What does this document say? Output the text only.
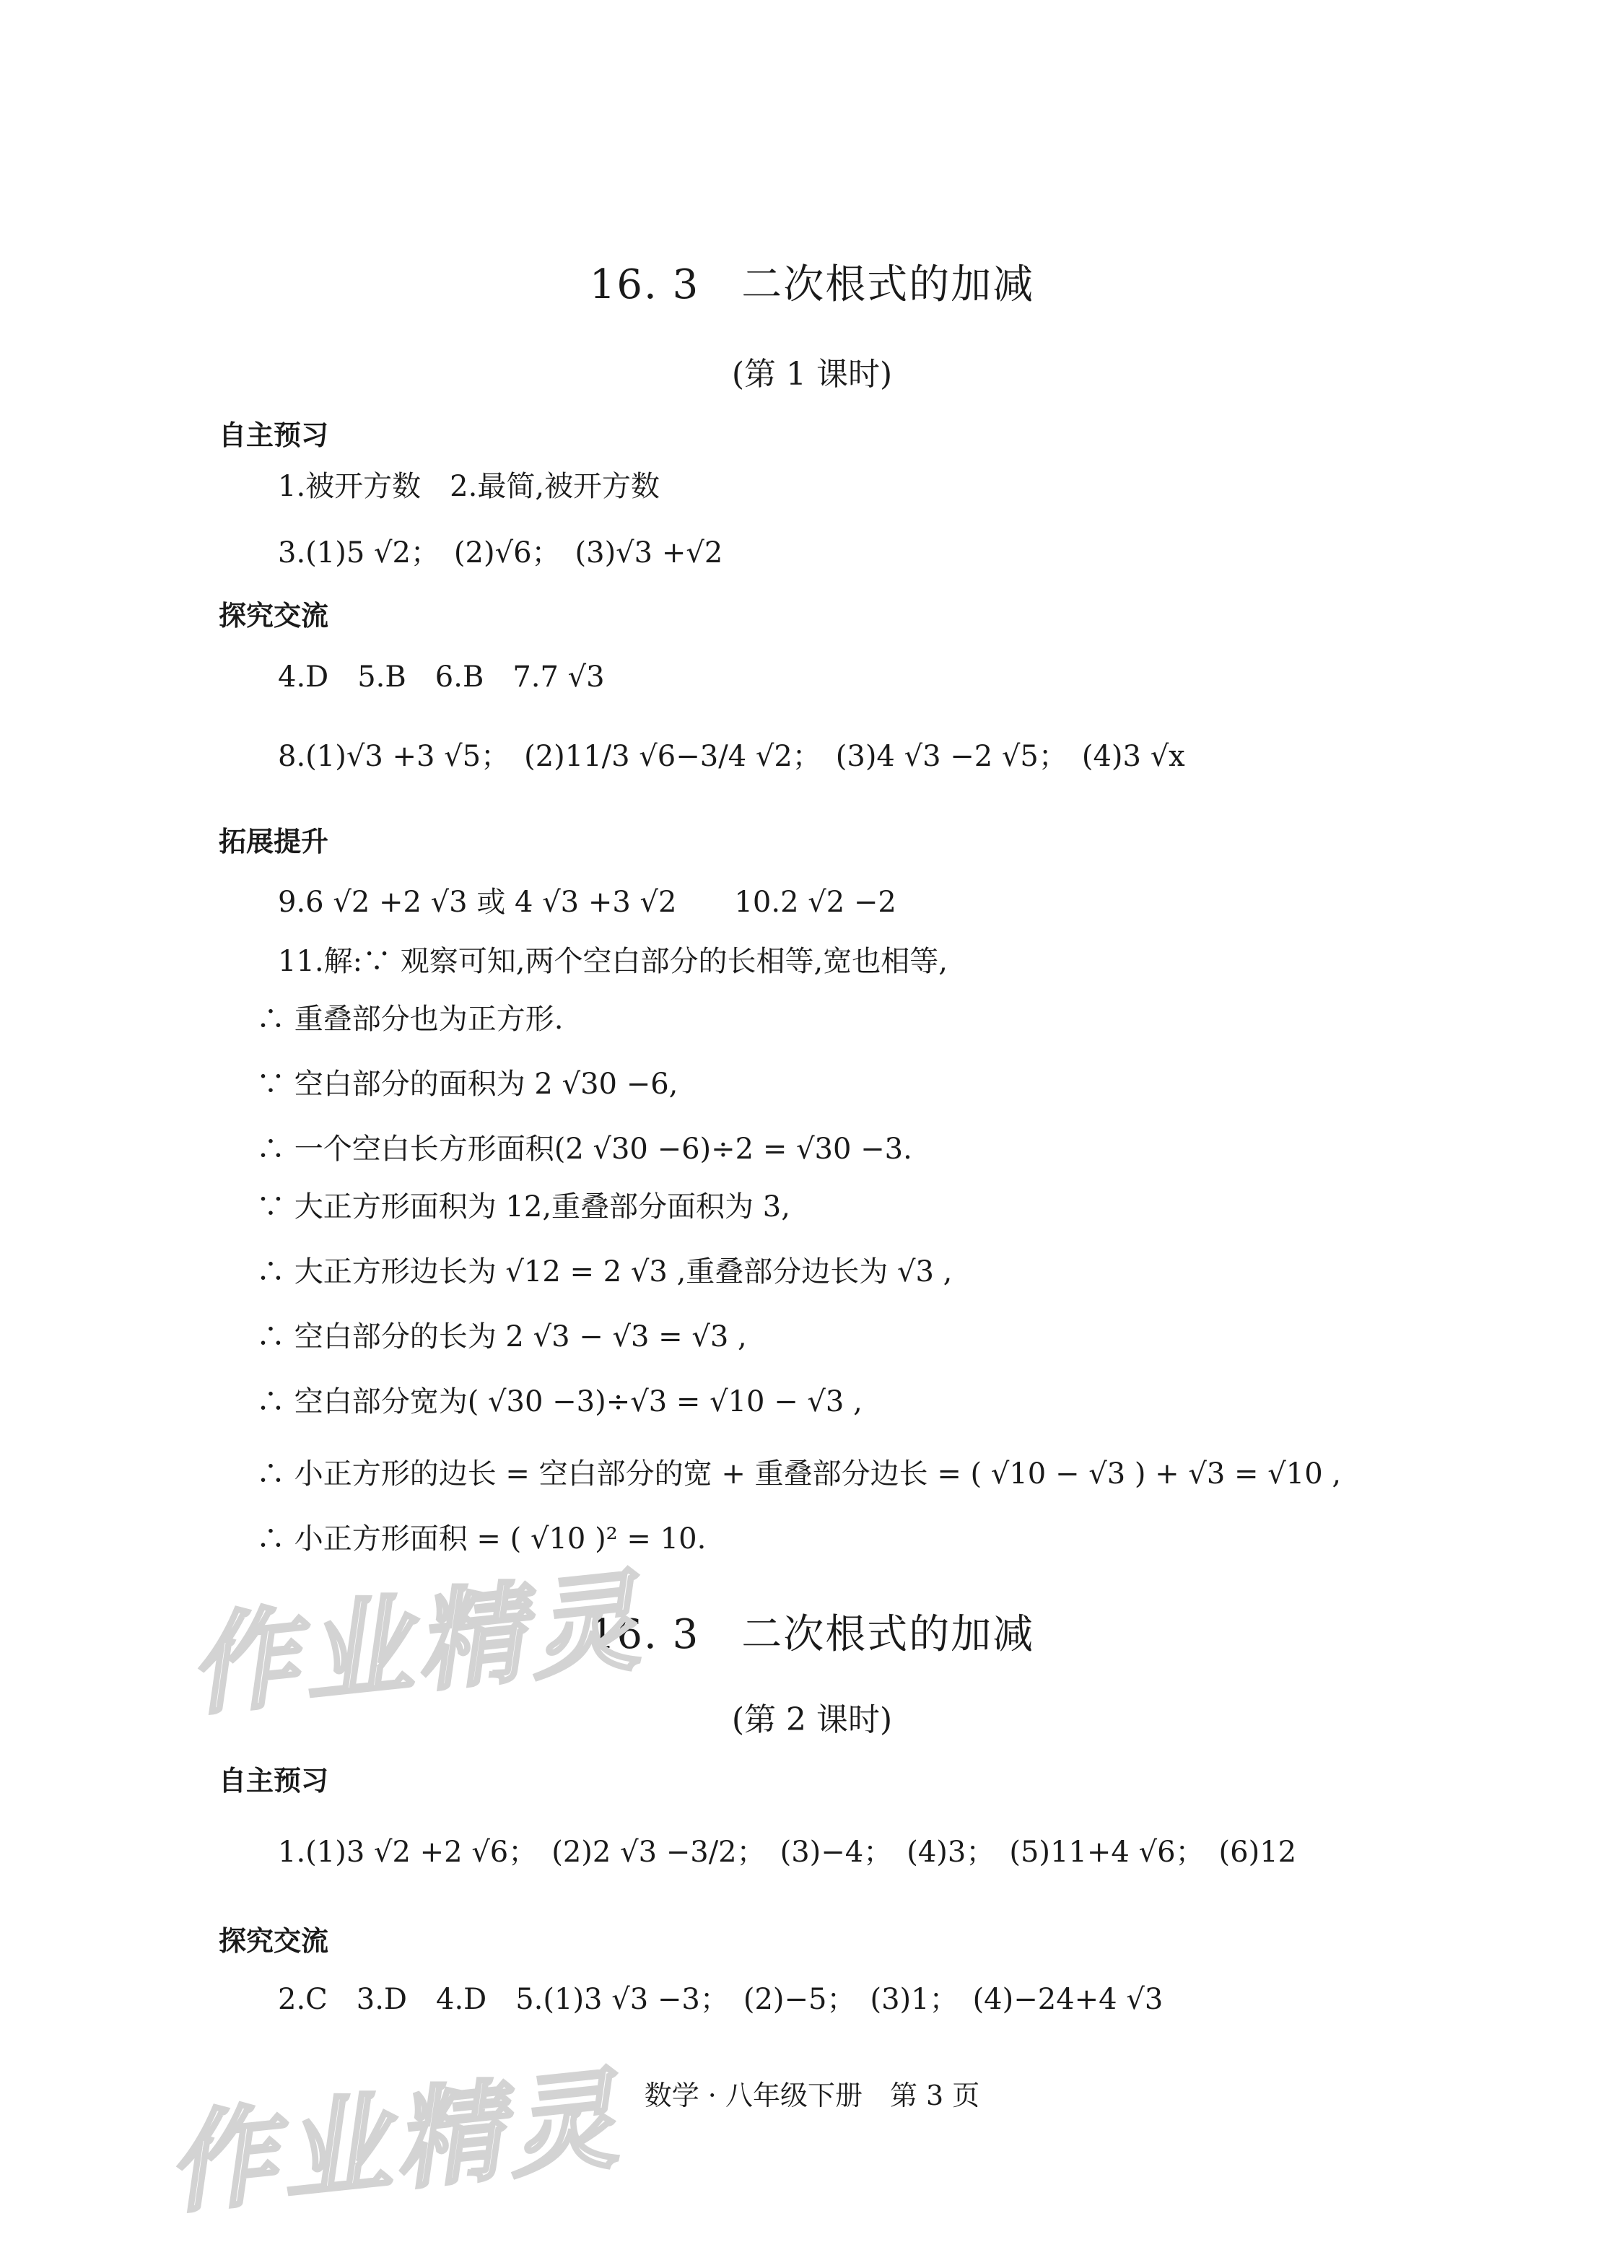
16. 3　二次根式的加减
(第 1 课时)
自主预习
1.被开方数　2.最简,被开方数
3.(1)5 √2；　(2)√6；　(3)√3 +√2
探究交流
4.D　5.B　6.B　7.7 √3
8.(1)√3 +3 √5；　(2)11/3 √6−3/4 √2；　(3)4 √3 −2 √5；　(4)3 √x
拓展提升
9.6 √2 +2 √3 或 4 √3 +3 √2　　10.2 √2 −2
11.解:∵ 观察可知,两个空白部分的长相等,宽也相等,
∴ 重叠部分也为正方形.
∵ 空白部分的面积为 2 √30 −6,
∴ 一个空白长方形面积(2 √30 −6)÷2 = √30 −3.
∵ 大正方形面积为 12,重叠部分面积为 3,
∴ 大正方形边长为 √12 = 2 √3 ,重叠部分边长为 √3 ,
∴ 空白部分的长为 2 √3 − √3 = √3 ,
∴ 空白部分宽为( √30 −3)÷√3 = √10 − √3 ,
∴ 小正方形的边长 = 空白部分的宽 + 重叠部分边长 = ( √10 − √3 ) + √3 = √10 ,
∴ 小正方形面积 = ( √10 )² = 10.
16. 3　二次根式的加减
(第 2 课时)
自主预习
1.(1)3 √2 +2 √6；　(2)2 √3 −3/2；　(3)−4；　(4)3；　(5)11+4 √6；　(6)12
探究交流
2.C　3.D　4.D　5.(1)3 √3 −3；　(2)−5；　(3)1；　(4)−24+4 √3
数学 · 八年级下册　第 3 页
作业精灵
作业精灵
